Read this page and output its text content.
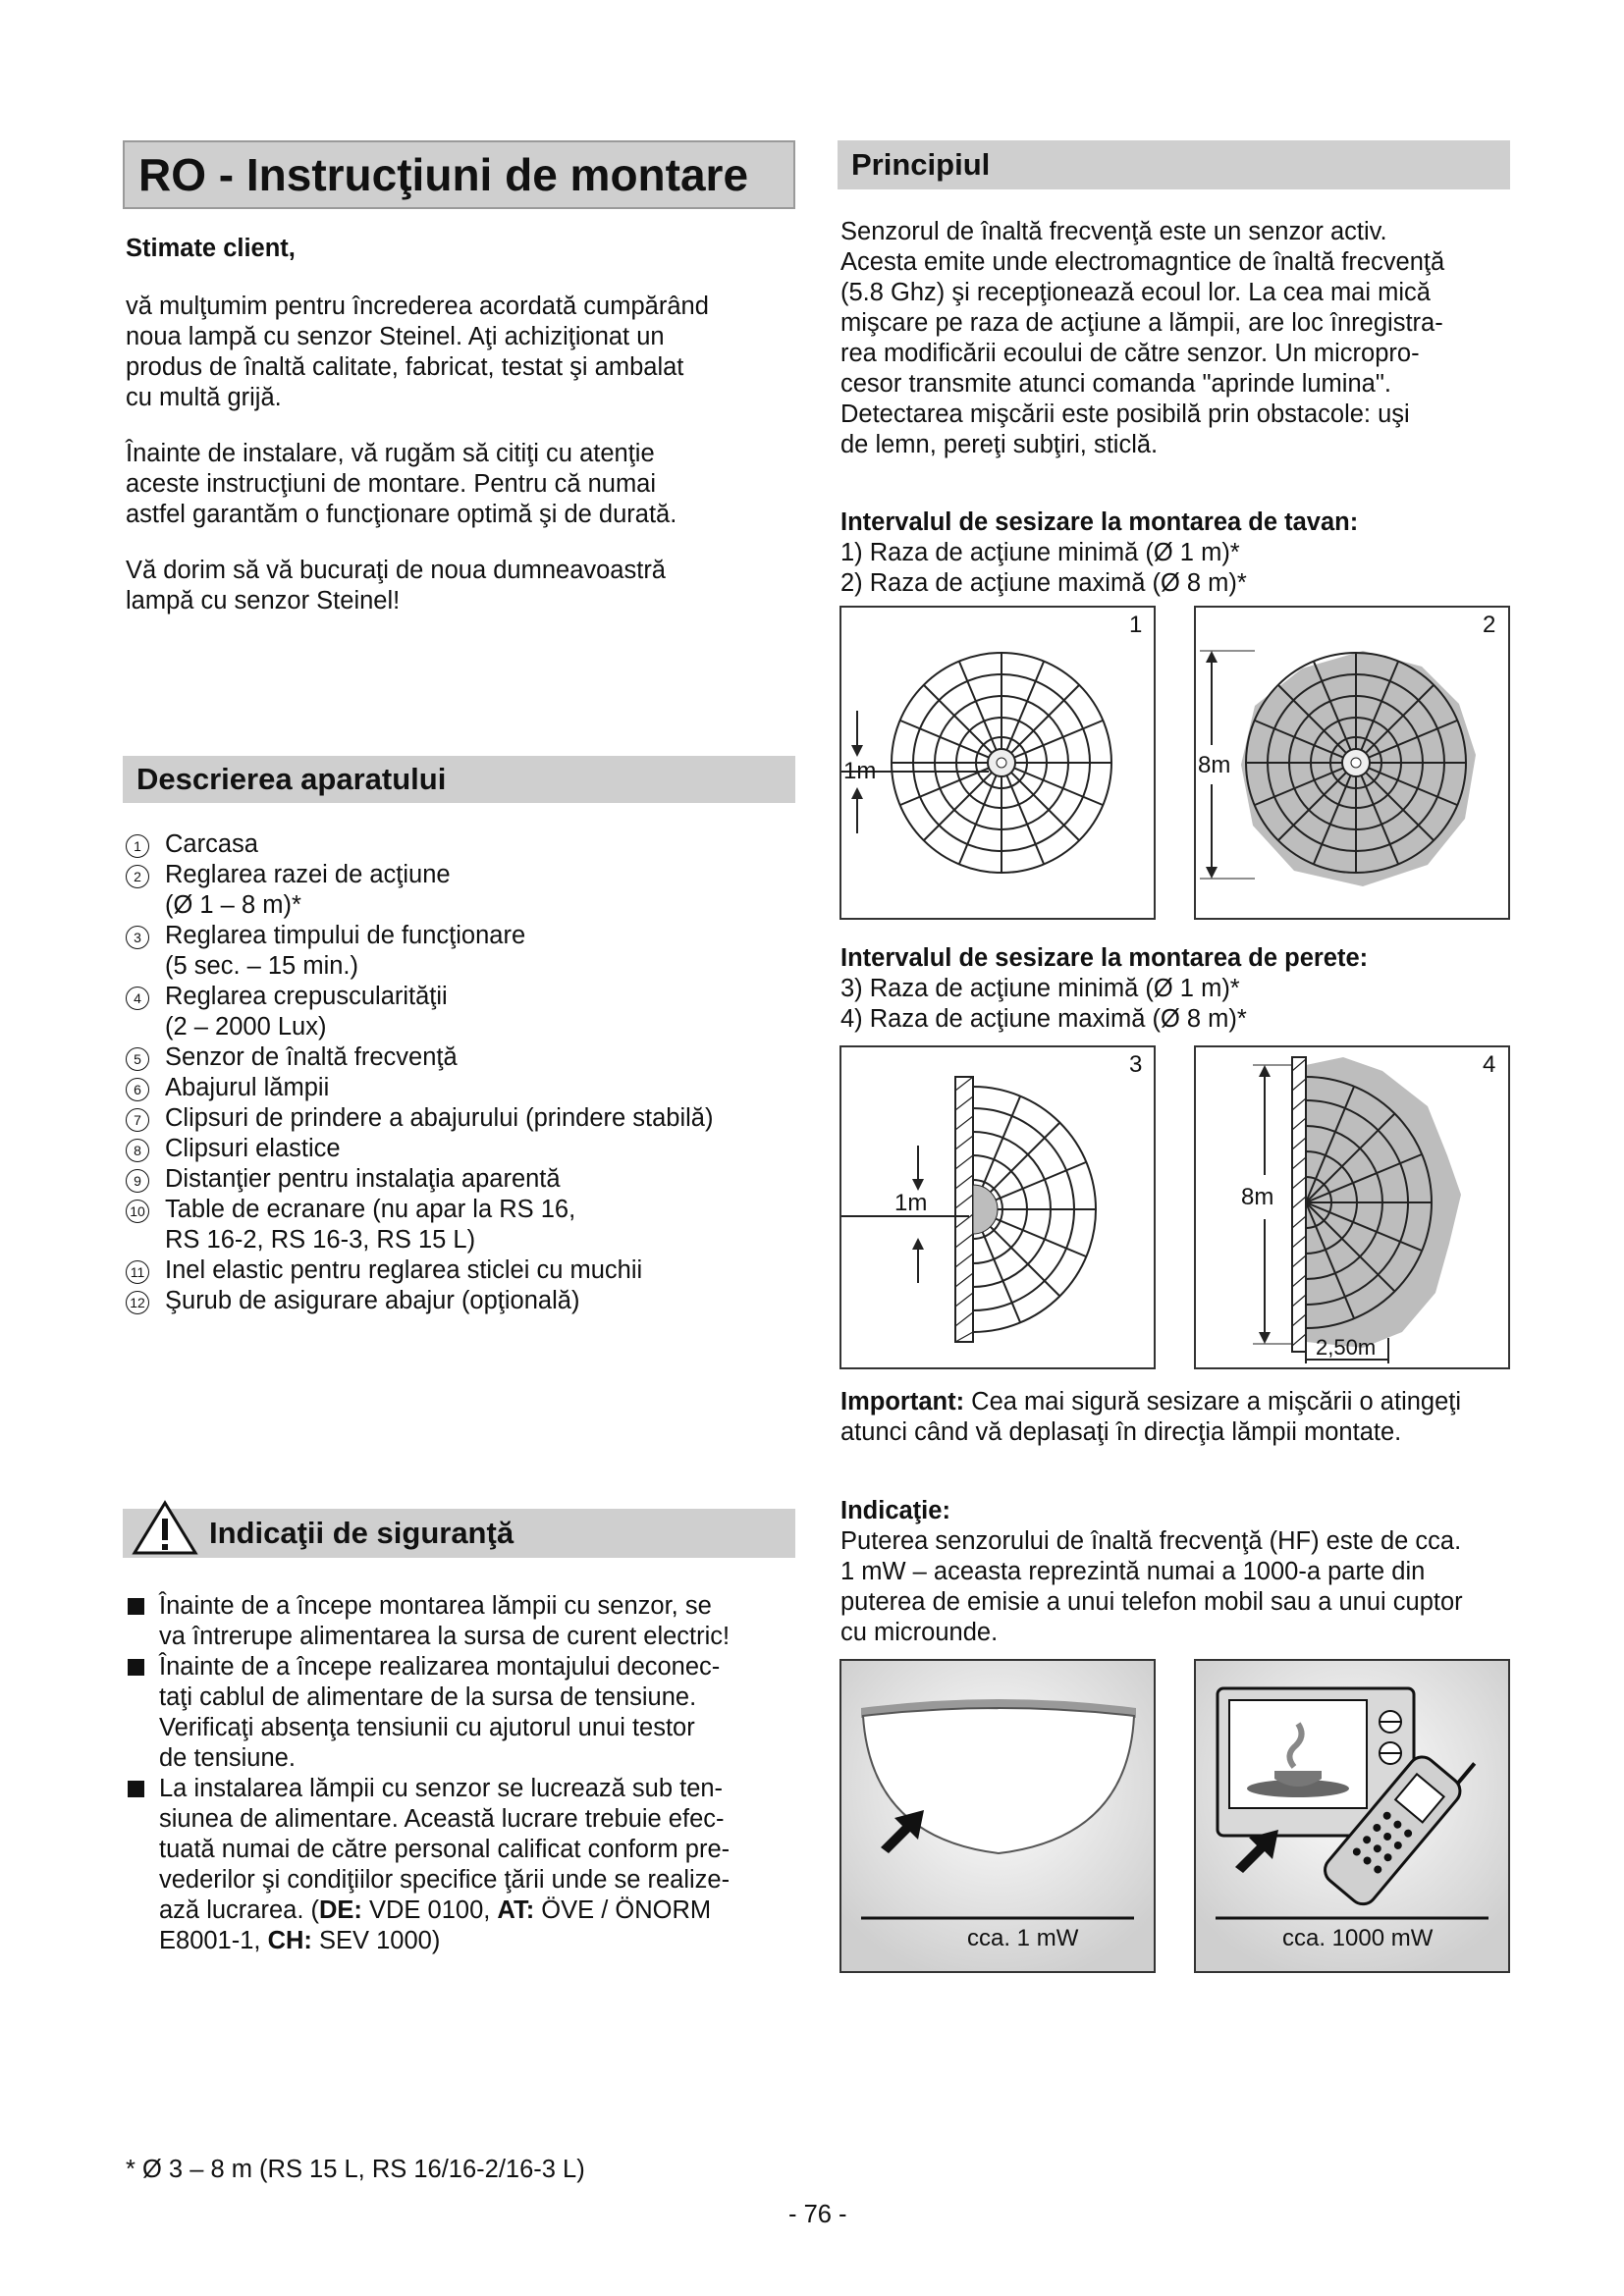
RO - Instrucţiuni de montare
Stimate client,

vă mulţumim pentru încrederea acordată cumpărând

noua lampă cu senzor Steinel. Aţi achiziţionat un

produs de înaltă calitate, fabricat, testat şi ambalat

cu multă grijă.

Înainte de instalare, vă rugăm să citiţi cu atenţie

aceste instrucţiuni de montare. Pentru că numai

astfel garantăm o funcţionare optimă şi de durată.

Vă dorim să vă bucuraţi de noua dumneavoastră

lampă cu senzor Steinel!

Descrierea aparatului
1 Carcasa
2 Reglarea razei de acţiune
(Ø 1 – 8 m)*
3 Reglarea timpului de funcţionare
(5 sec. – 15 min.)
4 Reglarea crepuscularităţii
(2 – 2000 Lux)
5 Senzor de înaltă frecvenţă
6 Abajurul lămpii
7 Clipsuri de prindere a abajurului (prindere stabilă)
8 Clipsuri elastice
9 Distanţier pentru instalaţia aparentă
10 Table de ecranare (nu apar la RS 16,
RS 16-2, RS 16-3, RS 15 L)
11 Inel elastic pentru reglarea sticlei cu muchii
12 Şurub de asigurare abajur (opţională)
Indicaţii de siguranţă
Înainte de a începe montarea lămpii cu senzor, se
va întrerupe alimentarea la sursa de curent electric!
Înainte de a începe realizarea montajului deconec-
taţi cablul de alimentare de la sursa de tensiune.
Verificaţi absenţa tensiunii cu ajutorul unui testor
de tensiune.
La instalarea lămpii cu senzor se lucrează sub ten-
siunea de alimentare. Această lucrare trebuie efec-
tuată numai de către personal calificat conform pre-
vederilor şi condiţiilor specifice ţării unde se realize-
ază lucrarea. (DE: VDE 0100, AT: ÖVE / ÖNORM
E8001-1, CH: SEV 1000)
* Ø 3 – 8 m (RS 15 L, RS 16/16-2/16-3 L)
Principiul

Senzorul de înaltă frecvenţă este un senzor activ.

Acesta emite unde electromagntice de înaltă frecvenţă

(5.8 Ghz) şi recepţionează ecoul lor. La cea mai mică

mişcare pe raza de acţiune a lămpii, are loc înregistra-

rea modificării ecoului de către senzor. Un micropro-

cesor transmite atunci comanda "aprinde lumina".

Detectarea mişcării este posibilă prin obstacole: uşi

de lemn, pereţi subţiri, sticlă.

Intervalul de sesizare la montarea de tavan:

1) Raza de acţiune minimă (Ø 1 m)*

2) Raza de acţiune maximă (Ø 8 m)*

1m
1
8m
2

Intervalul de sesizare la montarea de perete:

3) Raza de acţiune minimă (Ø 1 m)*

4) Raza de acţiune maximă (Ø 8 m)*

1m
3
8m
2,50m
4

Important: Cea mai sigură sesizare a mişcării o atingeţi

atunci când vă deplasaţi în direcţia lămpii montate.

Indicaţie:

Puterea senzorului de înaltă frecvenţă (HF) este de cca.

1 mW – aceasta reprezintă numai a 1000-a parte din

puterea de emisie a unui telefon mobil sau a unui cuptor

cu microunde.

cca. 1 mW	cca. 1000 mW
- 76 -
